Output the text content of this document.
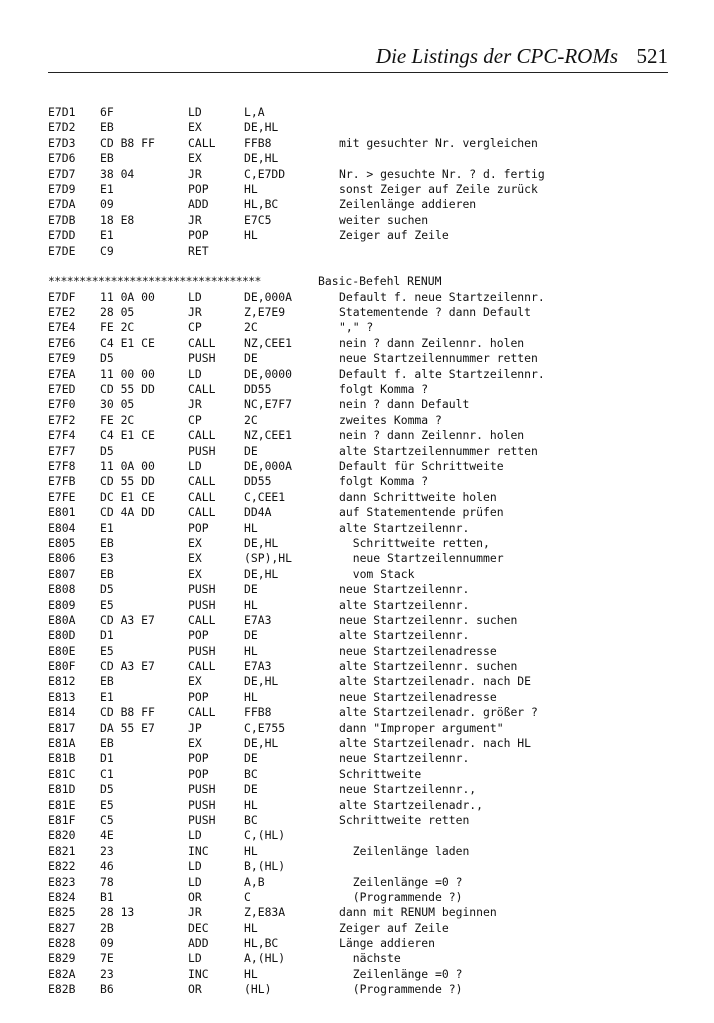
Die Listings der CPC-ROMs 521
E7D1 6F	LD	L,A
E7D2 EB	EX	DE,HL
E7D3 CD B8 FF	CALL	FFB8	mit gesuchter Nr. vergleichen
E7D6 EB	EX	DE,HL
E7D7 38 04	JR	C,E7DD	Nr. > gesuchte Nr. ? d. fertig
E7D9 E1	POP	HL	sonst Zeiger auf Zeile zurück
E7DA 09	ADD	HL,BC	Zeilenlänge addieren
E7DB 18 E8	JR	E7C5	weiter suchen
E7DD E1	POP	HL	Zeiger auf Zeile
E7DE C9	RET

**********************************

	Basic-Befehl RENUM

E7DF 11 0A 00	LD	DE,000A	Default f. neue Startzeilennr.
E7E2 28 05	JR	Z,E7E9	Statementende ? dann Default
E7E4 FE 2C	CP	2C	"," ?
E7E6 C4 E1 CE	CALL	NZ,CEE1	nein ? dann Zeilennr. holen
E7E9 D5	PUSH	DE	neue Startzeilennummer retten
E7EA 11 00 00	LD	DE,0000	Default f. alte Startzeilennr.
E7ED CD 55 DD	CALL	DD55	folgt Komma ?
E7F0 30 05	JR	NC,E7F7	nein ? dann Default
E7F2 FE 2C	CP	2C	zweites Komma ?
E7F4 C4 E1 CE	CALL	NZ,CEE1	nein ? dann Zeilennr. holen
E7F7 D5	PUSH	DE	alte Startzeilennummer retten
E7F8 11 0A 00	LD	DE,000A	Default für Schrittweite
E7FB CD 55 DD	CALL	DD55	folgt Komma ?
E7FE DC E1 CE	CALL	C,CEE1	dann Schrittweite holen
E801 CD 4A DD	CALL	DD4A	auf Statementende prüfen
E804 E1	POP	HL	alte Startzeilennr.
E805 EB	EX	DE,HL	Schrittweite retten,
E806 E3	EX	(SP),HL	neue Startzeilennummer
E807 EB	EX	DE,HL	vom Stack
E808 D5	PUSH	DE	neue Startzeilennr.
E809 E5	PUSH	HL	alte Startzeilennr.
E80A CD A3 E7	CALL	E7A3	neue Startzeilennr. suchen
E80D D1	POP	DE	alte Startzeilennr.
E80E E5	PUSH	HL	neue Startzeilenadresse
E80F CD A3 E7	CALL	E7A3	alte Startzeilennr. suchen
E812 EB	EX	DE,HL	alte Startzeilenadr. nach DE
E813 E1	POP	HL	neue Startzeilenadresse
E814 CD B8 FF	CALL	FFB8	alte Startzeilenadr. größer ?
E817 DA 55 E7	JP	C,E755	dann "Improper argument"
E81A EB	EX	DE,HL	alte Startzeilenadr. nach HL
E81B D1	POP	DE	neue Startzeilennr.
E81C C1	POP	BC	Schrittweite
E81D D5	PUSH	DE	neue Startzeilennr.,
E81E E5	PUSH	HL	alte Startzeilenadr.,
E81F C5	PUSH	BC	Schrittweite retten
E820 4E	LD	C,(HL)
E821 23	INC	HL	Zeilenlänge laden
E822 46	LD	B,(HL)
E823 78	LD	A,B	Zeilenlänge =0 ?
E824 B1	OR	C	(Programmende ?)
E825 28 13	JR	Z,E83A	dann mit RENUM beginnen
E827 2B	DEC	HL	Zeiger auf Zeile
E828 09	ADD	HL,BC	Länge addieren
E829 7E	LD	A,(HL)	nächste
E82A 23	INC	HL	Zeilenlänge =0 ?
E82B B6	OR	(HL)	(Programmende ?)
